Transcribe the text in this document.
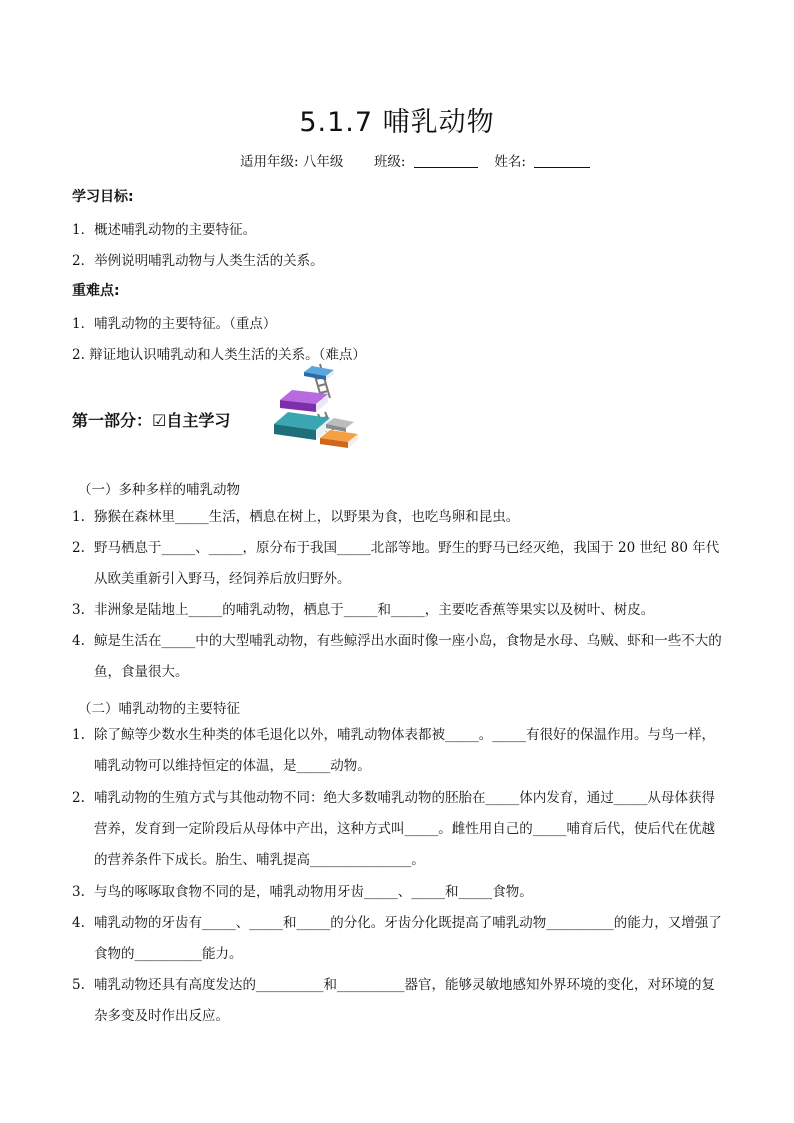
5.1.7 哺乳动物
适用年级: 八年级 班级:	姓名:
学习目标:
1．概述哺乳动物的主要特征。
2．举例说明哺乳动物与人类生活的关系。
重难点:
1．哺乳动物的主要特征。（重点）
2. 辩证地认识哺乳动和人类生活的关系。（难点）
第一部分：☑自主学习
（一）多种多样的哺乳动物
1. 猕猴在森林里_____生活，栖息在树上，以野果为食，也吃鸟卵和昆虫。
2. 野马栖息于_____、_____，原分布于我国_____北部等地。野生的野马已经灭绝，我国于 20 世纪 80 年代从欧美重新引入野马，经饲养后放归野外。
3. 非洲象是陆地上_____的哺乳动物，栖息于_____和_____，主要吃香蕉等果实以及树叶、树皮。
4. 鲸是生活在_____中的大型哺乳动物，有些鲸浮出水面时像一座小岛，食物是水母、乌贼、虾和一些不大的鱼，食量很大。
（二）哺乳动物的主要特征
1. 除了鲸等少数水生种类的体毛退化以外，哺乳动物体表都被_____。_____有很好的保温作用。与鸟一样，哺乳动物可以维持恒定的体温，是_____动物。
2. 哺乳动物的生殖方式与其他动物不同：绝大多数哺乳动物的胚胎在_____体内发育，通过_____从母体获得营养，发育到一定阶段后从母体中产出，这种方式叫_____。雌性用自己的_____哺育后代，使后代在优越的营养条件下成长。胎生、哺乳提高_______________。
3. 与鸟的啄啄取食物不同的是，哺乳动物用牙齿_____、_____和_____食物。
4. 哺乳动物的牙齿有_____、_____和_____的分化。牙齿分化既提高了哺乳动物__________的能力，又增强了食物的__________能力。
5. 哺乳动物还具有高度发达的__________和__________器官，能够灵敏地感知外界环境的变化，对环境的复杂多变及时作出反应。
